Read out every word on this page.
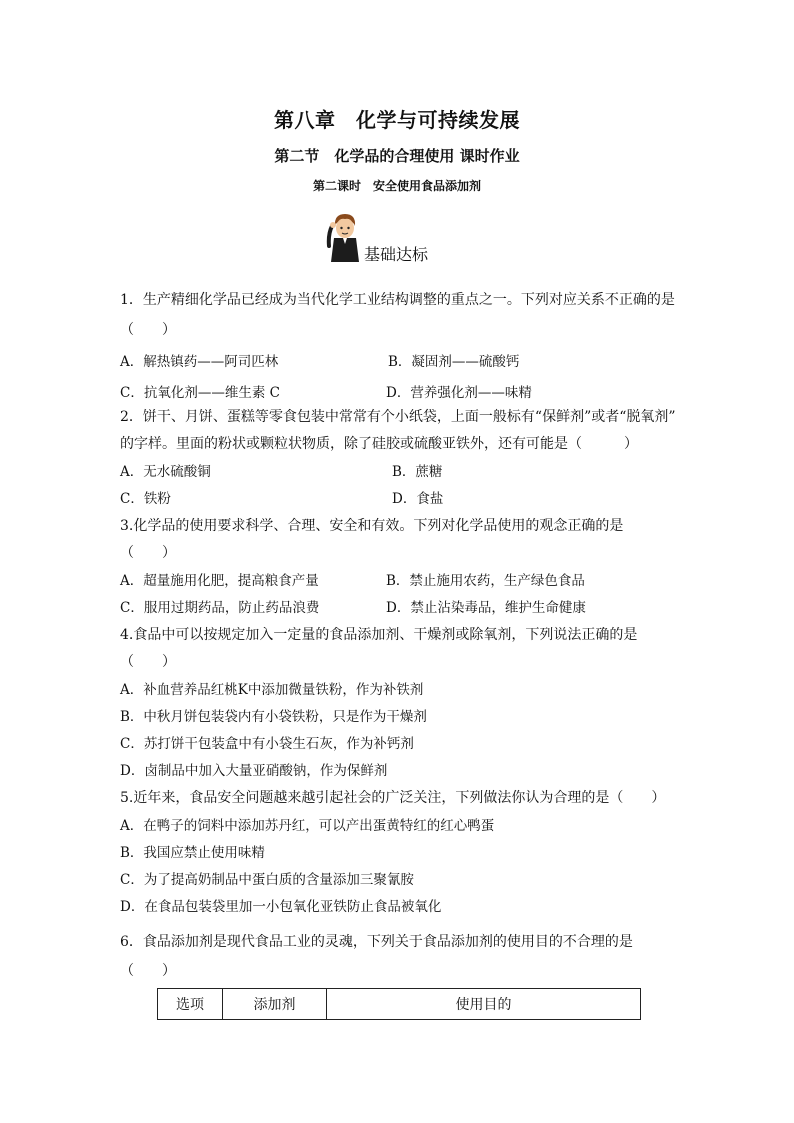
第八章　化学与可持续发展
第二节　化学品的合理使用 课时作业
第二课时　安全使用食品添加剂
基础达标
1．生产精细化学品已经成为当代化学工业结构调整的重点之一。下列对应关系不正确的是
（　　）
A．解热镇药——阿司匹林	B．凝固剂——硫酸钙
C．抗氧化剂——维生素 C	D．营养强化剂——味精
2．饼干、月饼、蛋糕等零食包装中常常有个小纸袋，上面一般标有“保鲜剂”或者“脱氧剂”
的字样。里面的粉状或颗粒状物质，除了硅胶或硫酸亚铁外，还有可能是（　　　）
A．无水硫酸铜	B．蔗糖
C．铁粉	D．食盐
3.化学品的使用要求科学、合理、安全和有效。下列对化学品使用的观念正确的是
（　　）
A．超量施用化肥，提高粮食产量	B．禁止施用农药，生产绿色食品
C．服用过期药品，防止药品浪费	D．禁止沾染毒品，维护生命健康
4.食品中可以按规定加入一定量的食品添加剂、干燥剂或除氧剂，下列说法正确的是
（　　）
A．补血营养品红桃K中添加微量铁粉，作为补铁剂
B．中秋月饼包装袋内有小袋铁粉，只是作为干燥剂
C．苏打饼干包装盒中有小袋生石灰，作为补钙剂
D．卤制品中加入大量亚硝酸钠，作为保鲜剂
5.近年来，食品安全问题越来越引起社会的广泛关注，下列做法你认为合理的是（　　）
A．在鸭子的饲料中添加苏丹红，可以产出蛋黄特红的红心鸭蛋
B．我国应禁止使用味精
C．为了提高奶制品中蛋白质的含量添加三聚氰胺
D．在食品包装袋里加一小包氧化亚铁防止食品被氧化
6．食品添加剂是现代食品工业的灵魂，下列关于食品添加剂的使用目的不合理的是
（　　）
选项	添加剂	使用目的
